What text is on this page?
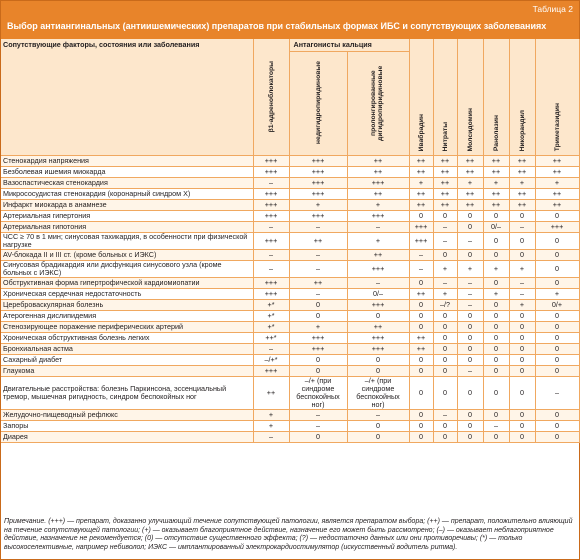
Таблица 2
Выбор антиангинальных (антиишемических) препаратов при стабильных формах ИБС и сопутствующих заболеваниях
Сопутствующие факторы, состояния или заболевания	β1-адреноблокаторы	Антагонисты кальция		Ивабрадин	Нитраты	Молсидомин	Ранолазин	Никорандил	Триметазидин

		недигидропиридиновые	пролонгированные дигидропиридиновые						

Стенокардия напряжения	+++	+++	++	++	++	++	++	++	++
Безболевая ишемия миокарда	+++	+++	++	++	++	++	++	++	++
Вазоспастическая стенокардия	–	+++	+++	+	++	+	+	+	+
Микрососудистая стенокардия (коронарный синдром X)	+++	+++	++	++	++	++	++	++	++
Инфаркт миокарда в анамнезе	+++	+	+	++	++	++	++	++	++
Артериальная гипертония	+++	+++	+++	0	0	0	0	0	0
Артериальная гипотония	–	–	–	+++	–	0	0/–	–	+++
ЧСС ≥ 70 в 1 мин; синусовая тахикардия, в особенности при физической нагрузке	+++	++	+	+++	–	–	0	0	0
AV-блокада II и III ст. (кроме больных с ИЭКС)	–	–	++	–	0	0	0	0	0
Синусовая брадикардия или дисфункция синусового узла (кроме больных с ИЭКС)	–	–	+++	–	+	+	+	+	0
Обструктивная форма гипертрофической кардиомиопатии	+++	++	–	0	–	–	0	–	0
Хроническая сердечная недостаточность	+++	–	0/–	++	+	–	+	–	+
Цереброваскулярная болезнь	+*	0	+++	0	–/?	–	0	+	0/+
Атерогенная дислипидемия	+*	0	0	0	0	0	0	0	0
Стенозирующее поражение периферических артерий	+*	+	++	0	0	0	0	0	0
Хроническая обструктивная болезнь легких	++*	+++	+++	++	0	0	0	0	0
Бронхиальная астма	–	+++	+++	++	0	0	0	0	0
Сахарный диабет	–/+*	0	0	0	0	0	0	0	0
Глаукома	+++	0	0	0	0	–	0	0	0
Двигательные расстройства: болезнь Паркинсона, эссенциальный тремор, мышечная ригидность, синдром беспокойных ног	++	–/+ (при синдроме беспокойных ног)	–/+ (при синдроме беспокойных ног)	0	0	0	0	0	–
Желудочно-пищеводный рефлюкс	+	–	–	0	–	0	0	0	0
Запоры	+	–	0	0	0	0	–	0	0
Диарея	–	0	0	0	0	0	0	0	0
Примечание. (+++) — препарат, доказанно улучшающий течение сопутствующей патологии, является препаратом выбора; (++) — препарат, положительно влияющий на течение сопутствующей патологии; (+) — оказывает благоприятное действие, назначение его может быть рассмотрено; (–) — оказывает неблагоприятное действие, назначение не рекомендуется; (0) — отсутствие существенного эффекта; (?) — недостаточно данных или они противоречивы; (*) — только высокоселективные, например небиволол; ИЭКС — имплантированный электрокардиостимулятор (искусственный водитель ритма).
